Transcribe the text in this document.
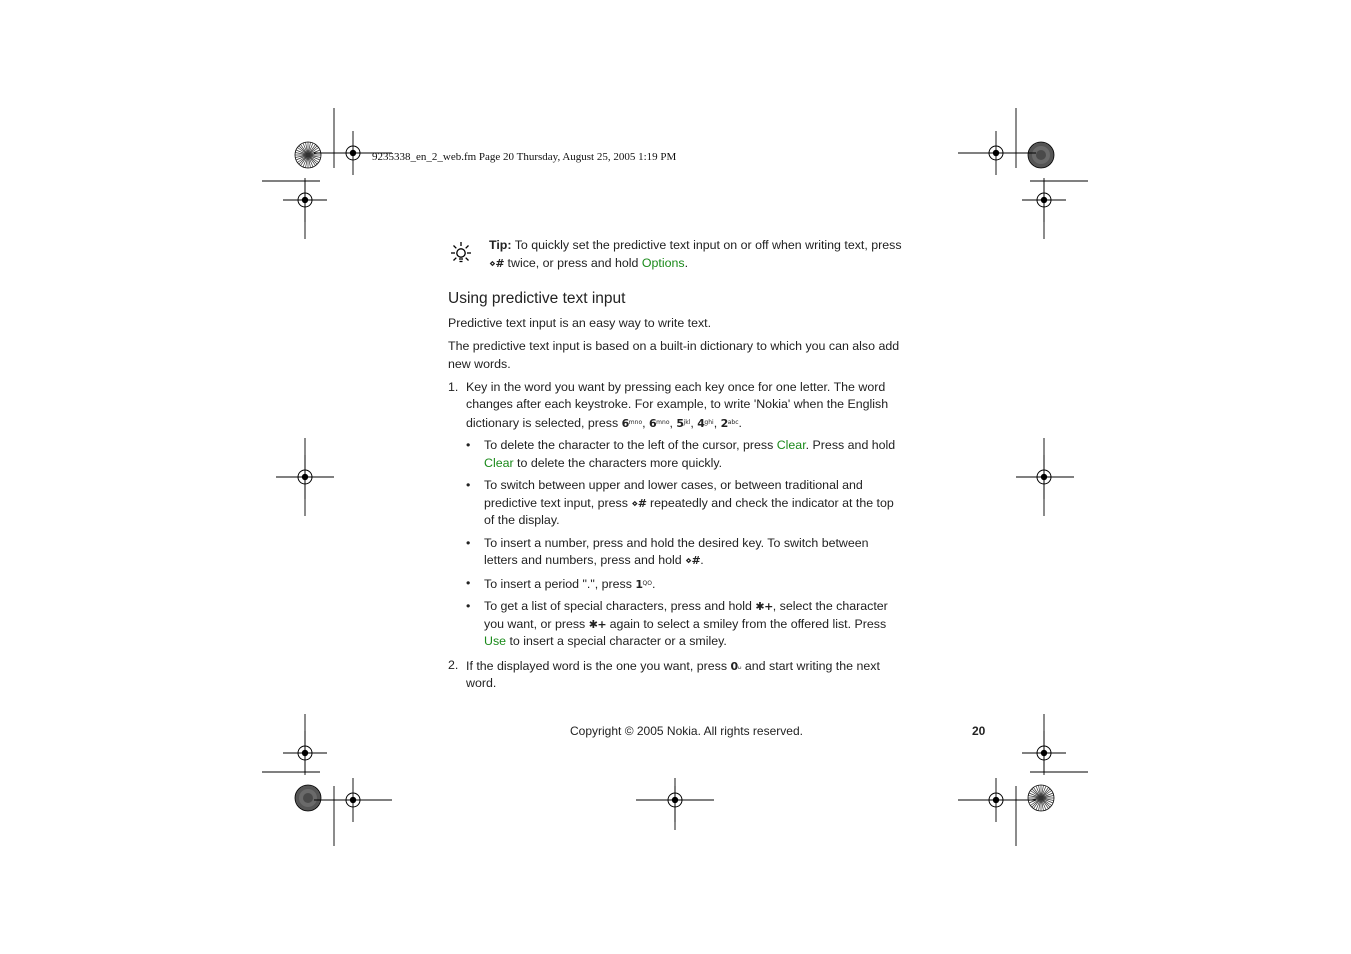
9235338_en_2_web.fm Page 20 Thursday, August 25, 2005 1:19 PM
Tip: To quickly set the predictive text input on or off when writing text, press ⋄# twice, or press and hold Options.
Using predictive text input

Predictive text input is an easy way to write text.

The predictive text input is based on a built-in dictionary to which you can also add new words.

1. Key in the word you want by pressing each key once for one letter. The word changes after each keystroke. For example, to write 'Nokia' when the English dictionary is selected, press $6^{mno}$, $6^{mno}$, $5^{jkl}$, $4^{ghi}$, $2^{abc}$.
• To delete the character to the left of the cursor, press Clear. Press and hold Clear to delete the characters more quickly.
• To switch between upper and lower cases, or between traditional and predictive text input, press ⋄# repeatedly and check the indicator at the top of the display.
• To insert a number, press and hold the desired key. To switch between letters and numbers, press and hold ⋄#.
• To insert a period ".", press $1^{QO}$.
• To get a list of special characters, press and hold ✱+, select the character you want, or press ✱+ again to select a smiley from the offered list. Press Use to insert a special character or a smiley.
2. If the displayed word is the one you want, press 0␣ and start writing the next word.
Copyright © 2005 Nokia. All rights reserved.	20
